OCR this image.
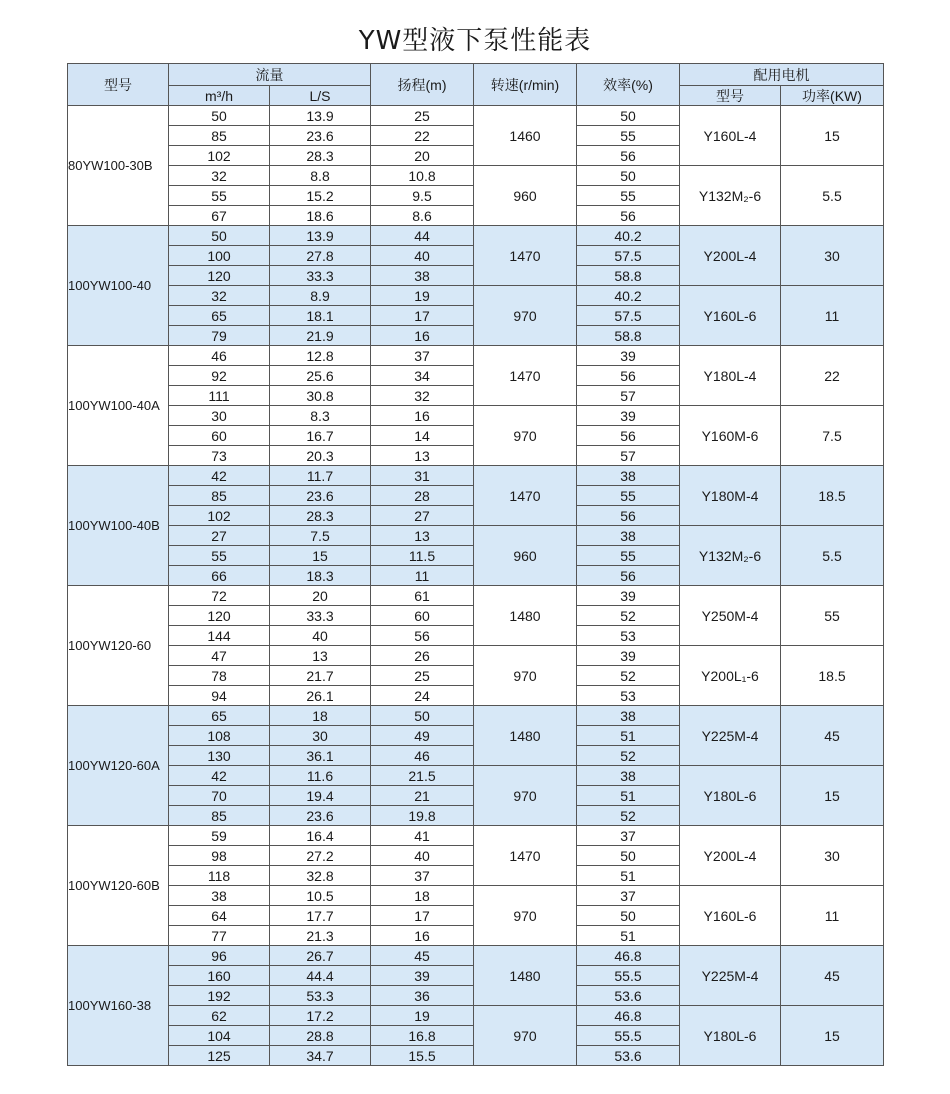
YW型液下泵性能表
型号	流量		扬程(m)	转速(r/min)	效率(%)	配用电机	
	m³/h	L/S				型号	功率(KW)
80YW100-30B	50	13.9	25	1460	50	Y160L-4	15
	85	23.6	22		55		
	102	28.3	20		56		
	32	8.8	10.8	960	50	Y132M₂-6	5.5
	55	15.2	9.5		55		
	67	18.6	8.6		56		
100YW100-40	50	13.9	44	1470	40.2	Y200L-4	30
	100	27.8	40		57.5		
	120	33.3	38		58.8		
	32	8.9	19	970	40.2	Y160L-6	11
	65	18.1	17		57.5		
	79	21.9	16		58.8		
100YW100-40A	46	12.8	37	1470	39	Y180L-4	22
	92	25.6	34		56		
	111	30.8	32		57		
	30	8.3	16	970	39	Y160M-6	7.5
	60	16.7	14		56		
	73	20.3	13		57		
100YW100-40B	42	11.7	31	1470	38	Y180M-4	18.5
	85	23.6	28		55		
	102	28.3	27		56		
	27	7.5	13	960	38	Y132M₂-6	5.5
	55	15	11.5		55		
	66	18.3	11		56		
100YW120-60	72	20	61	1480	39	Y250M-4	55
	120	33.3	60		52		
	144	40	56		53		
	47	13	26	970	39	Y200L₁-6	18.5
	78	21.7	25		52		
	94	26.1	24		53		
100YW120-60A	65	18	50	1480	38	Y225M-4	45
	108	30	49		51		
	130	36.1	46		52		
	42	11.6	21.5	970	38	Y180L-6	15
	70	19.4	21		51		
	85	23.6	19.8		52		
100YW120-60B	59	16.4	41	1470	37	Y200L-4	30
	98	27.2	40		50		
	118	32.8	37		51		
	38	10.5	18	970	37	Y160L-6	11
	64	17.7	17		50		
	77	21.3	16		51		
100YW160-38	96	26.7	45	1480	46.8	Y225M-4	45
	160	44.4	39		55.5		
	192	53.3	36		53.6		
	62	17.2	19	970	46.8	Y180L-6	15
	104	28.8	16.8		55.5		
	125	34.7	15.5		53.6		
